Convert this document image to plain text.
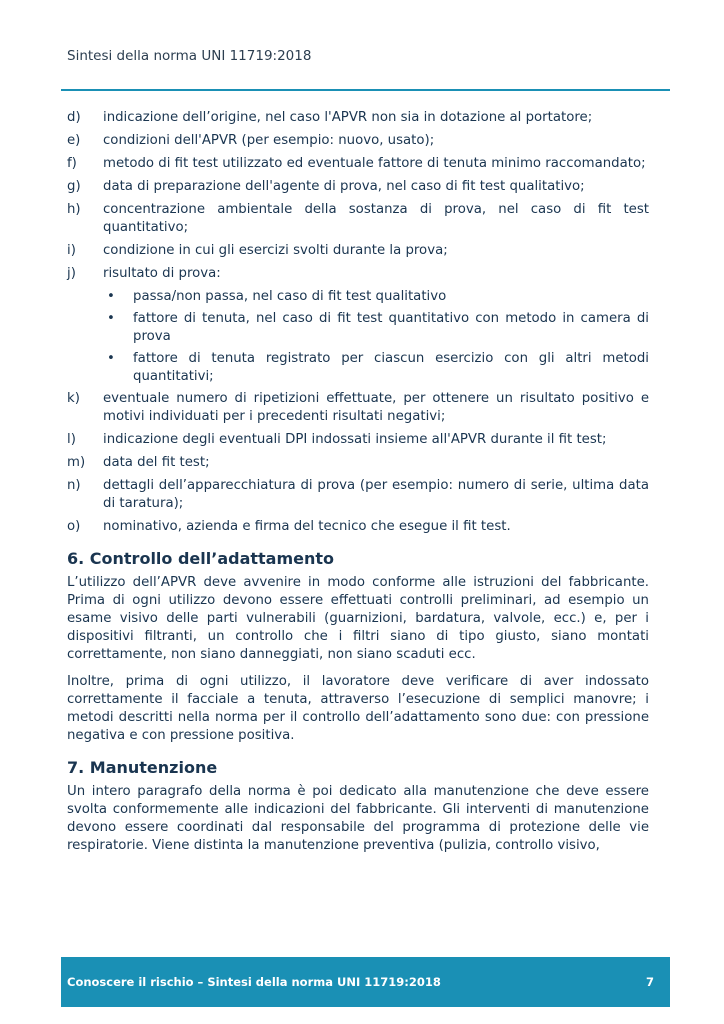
Sintesi della norma UNI 11719:2018
d)	indicazione dell’origine, nel caso l'APVR non sia in dotazione al portatore;
e)	condizioni dell'APVR (per esempio: nuovo, usato);
f)	metodo di fit test utilizzato ed eventuale fattore di tenuta minimo raccomandato;
g)	data di preparazione dell'agente di prova, nel caso di fit test qualitativo;
h)	concentrazione ambientale della sostanza di prova, nel caso di fit test quantitativo;
i)	condizione in cui gli esercizi svolti durante la prova;
j)	risultato di prova:
•	passa/non passa, nel caso di fit test qualitativo
•	fattore di tenuta, nel caso di fit test quantitativo con metodo in camera di prova
•	fattore di tenuta registrato per ciascun esercizio con gli altri metodi quantitativi;
k)	eventuale numero di ripetizioni effettuate, per ottenere un risultato positivo e motivi individuati per i precedenti risultati negativi;
l)	indicazione degli eventuali DPI indossati insieme all'APVR durante il fit test;
m)	data del fit test;
n)	dettagli dell’apparecchiatura di prova (per esempio: numero di serie, ultima data di taratura);
o)	nominativo, azienda e firma del tecnico che esegue il fit test.
6. Controllo dell’adattamento

L’utilizzo dell’APVR deve avvenire in modo conforme alle istruzioni del fabbricante. Prima di ogni utilizzo devono essere effettuati controlli preliminari, ad esempio un esame visivo delle parti vulnerabili (guarnizioni, bardatura, valvole, ecc.) e, per i dispositivi filtranti, un controllo che i filtri siano di tipo giusto, siano montati correttamente, non siano danneggiati, non siano scaduti ecc.

Inoltre, prima di ogni utilizzo, il lavoratore deve verificare di aver indossato correttamente il facciale a tenuta, attraverso l’esecuzione di semplici manovre; i metodi descritti nella norma per il controllo dell’adattamento sono due: con pressione negativa e con pressione positiva.

7. Manutenzione

Un intero paragrafo della norma è poi dedicato alla manutenzione che deve essere svolta conformemente alle indicazioni del fabbricante. Gli interventi di manutenzione devono essere coordinati dal responsabile del programma di protezione delle vie respiratorie. Viene distinta la manutenzione preventiva (pulizia, controllo visivo,

Conoscere il rischio – Sintesi della norma UNI 11719:2018	7
